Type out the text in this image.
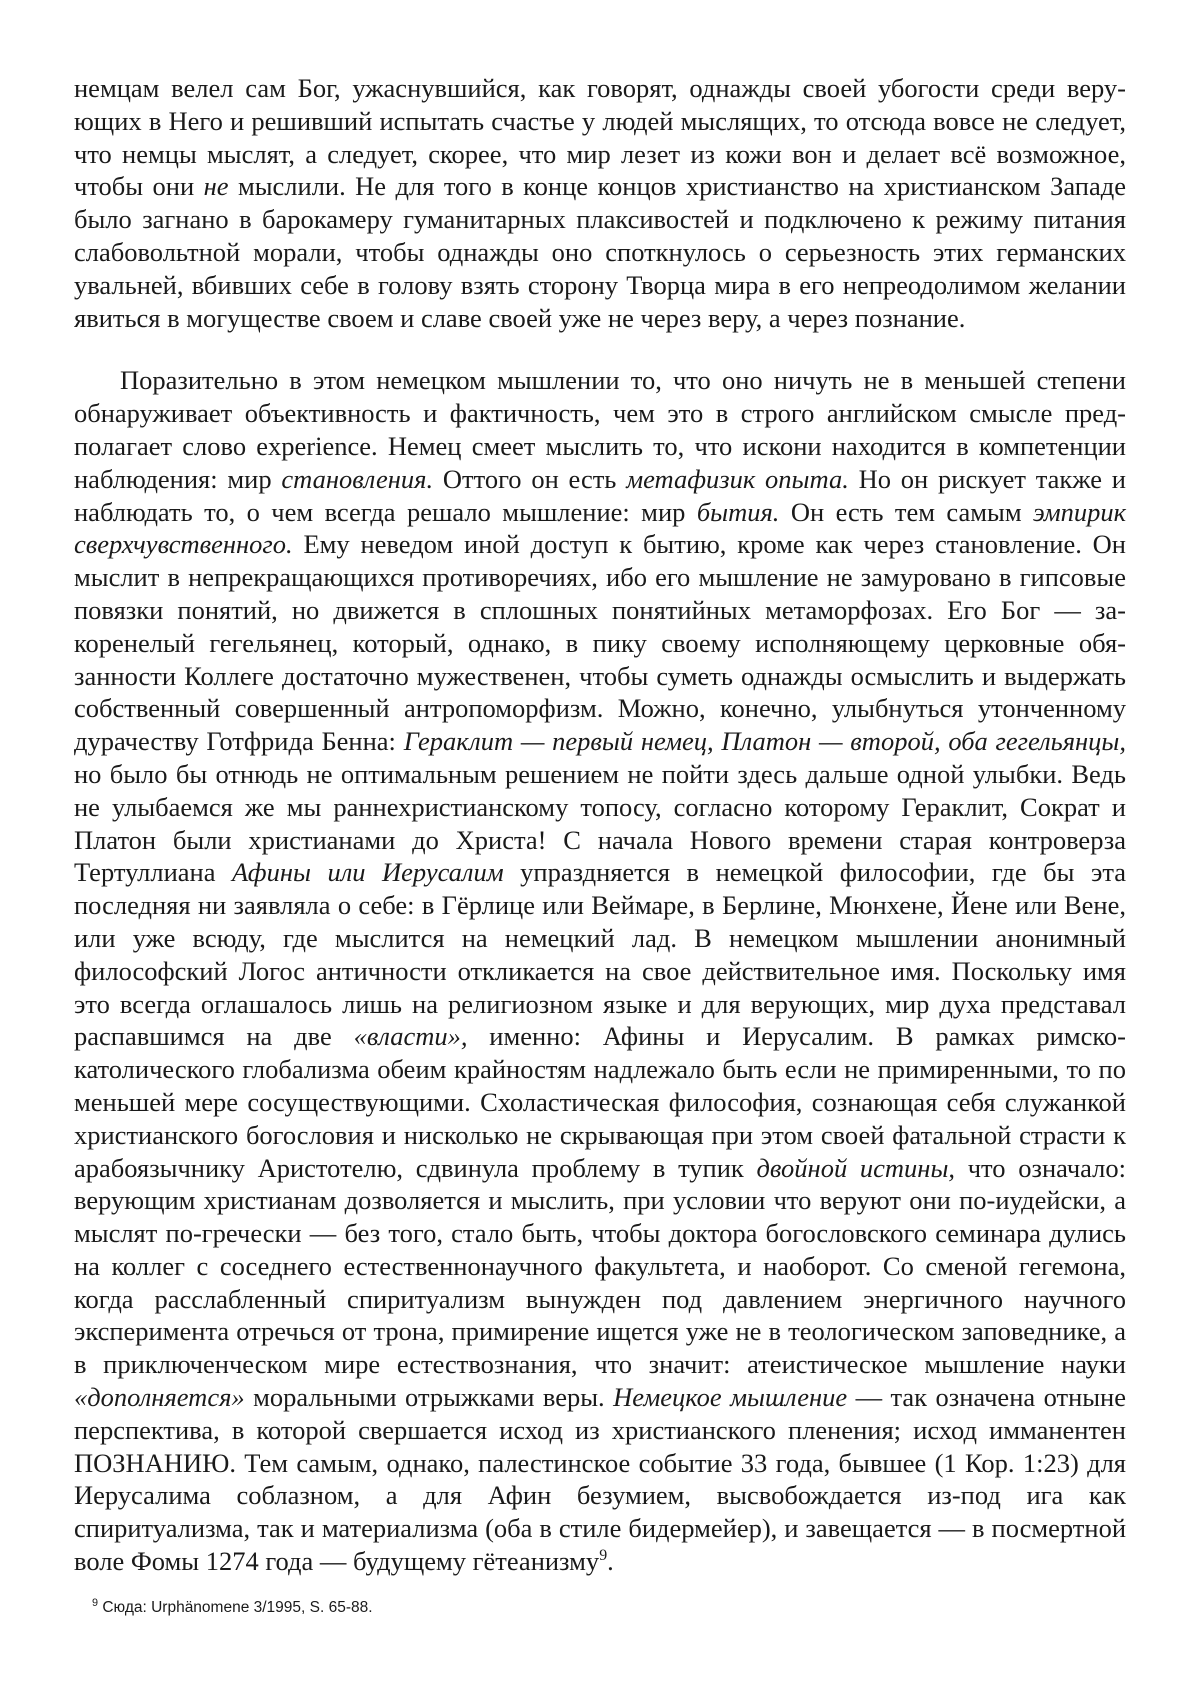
немцам велел сам Бог, ужаснувшийся, как говорят, однажды своей убогости среди верующих в Него и решивший испытать счастье у людей мыслящих, то отсюда вовсе не следует, что немцы мыслят, а следует, скорее, что мир лезет из кожи вон и делает всё возможное, чтобы они не мыслили. Не для того в конце концов христианство на христианском Западе было загнано в барокамеру гуманитарных плаксивостей и подключено к режиму питания слабовольтной морали, чтобы однажды оно споткнулось о серьезность этих германских увальней, вбивших себе в голову взять сторону Творца мира в его непреодолимом желании явиться в могуществе своем и славе своей уже не через веру, а через познание.

Поразительно в этом немецком мышлении то, что оно ничуть не в меньшей степени обнаруживает объективность и фактичность, чем это в строго английском смысле предполагает слово experience. Немец смеет мыслить то, что искони находится в компетенции наблюдения: мир становления. Оттого он есть метафизик опыта. Но он рискует также и наблюдать то, о чем всегда решало мышление: мир бытия. Он есть тем самым эмпирик сверхчувственного. Ему неведом иной доступ к бытию, кроме как через становление. Он мыслит в непрекращающихся противоречиях, ибо его мышление не замуровано в гипсовые повязки понятий, но движется в сплошных понятийных метаморфозах. Его Бог — закоренелый гегельянец, который, однако, в пику своему исполняющему церковные обязанности Коллеге достаточно мужественен, чтобы суметь однажды осмыслить и выдержать собственный совершенный антропоморфизм. Можно, конечно, улыбнуться утонченному дурачеству Готфрида Бенна: Гераклит — первый немец, Платон — второй, оба гегельянцы, но было бы отнюдь не оптимальным решением не пойти здесь дальше одной улыбки. Ведь не улыбаемся же мы раннехристианскому топосу, согласно которому Гераклит, Сократ и Платон были христианами до Христа! С начала Нового времени старая контроверза Тертуллиана Афины или Иерусалим упраздняется в немецкой философии, где бы эта последняя ни заявляла о себе: в Гёрлице или Веймаре, в Берлине, Мюнхене, Йене или Вене, или уже всюду, где мыслится на немецкий лад. В немецком мышлении анонимный философский Логос античности откликается на свое действительное имя. Поскольку имя это всегда оглашалось лишь на религиозном языке и для верующих, мир духа представал распавшимся на две «власти», именно: Афины и Иерусалим. В рамках римско-католического глобализма обеим крайностям надлежало быть если не примиренными, то по меньшей мере сосуществующими. Схоластическая философия, сознающая себя служанкой христианского богословия и нисколько не скрывающая при этом своей фатальной страсти к арабоязычнику Аристотелю, сдвинула проблему в тупик двойной истины, что означало: верующим христианам дозволяется и мыслить, при условии что веруют они по-иудейски, а мыслят по-гречески — без того, стало быть, чтобы доктора богословского семинара дулись на коллег с соседнего естественнонаучного факультета, и наоборот. Со сменой гегемона, когда расслабленный спиритуализм вынужден под давлением энергичного научного эксперимента отречься от трона, примирение ищется уже не в теологическом заповеднике, а в приключенческом мире естествознания, что значит: атеистическое мышление науки «дополняется» моральными отрыжками веры. Немецкое мышление — так означена отныне перспектива, в которой свершается исход из христианского пленения; исход имманентен ПОЗНАНИЮ. Тем самым, однако, палестинское событие 33 года, бывшее (1 Кор. 1:23) для Иерусалима соблазном, а для Афин безумием, высвобождается из-под ига как спиритуализма, так и материализма (оба в стиле бидермейер), и завещается — в посмертной воле Фомы 1274 года — будущему гётеанизму$^9$.

$^9$ Сюда: Urphänomene 3/1995, S. 65-88.
